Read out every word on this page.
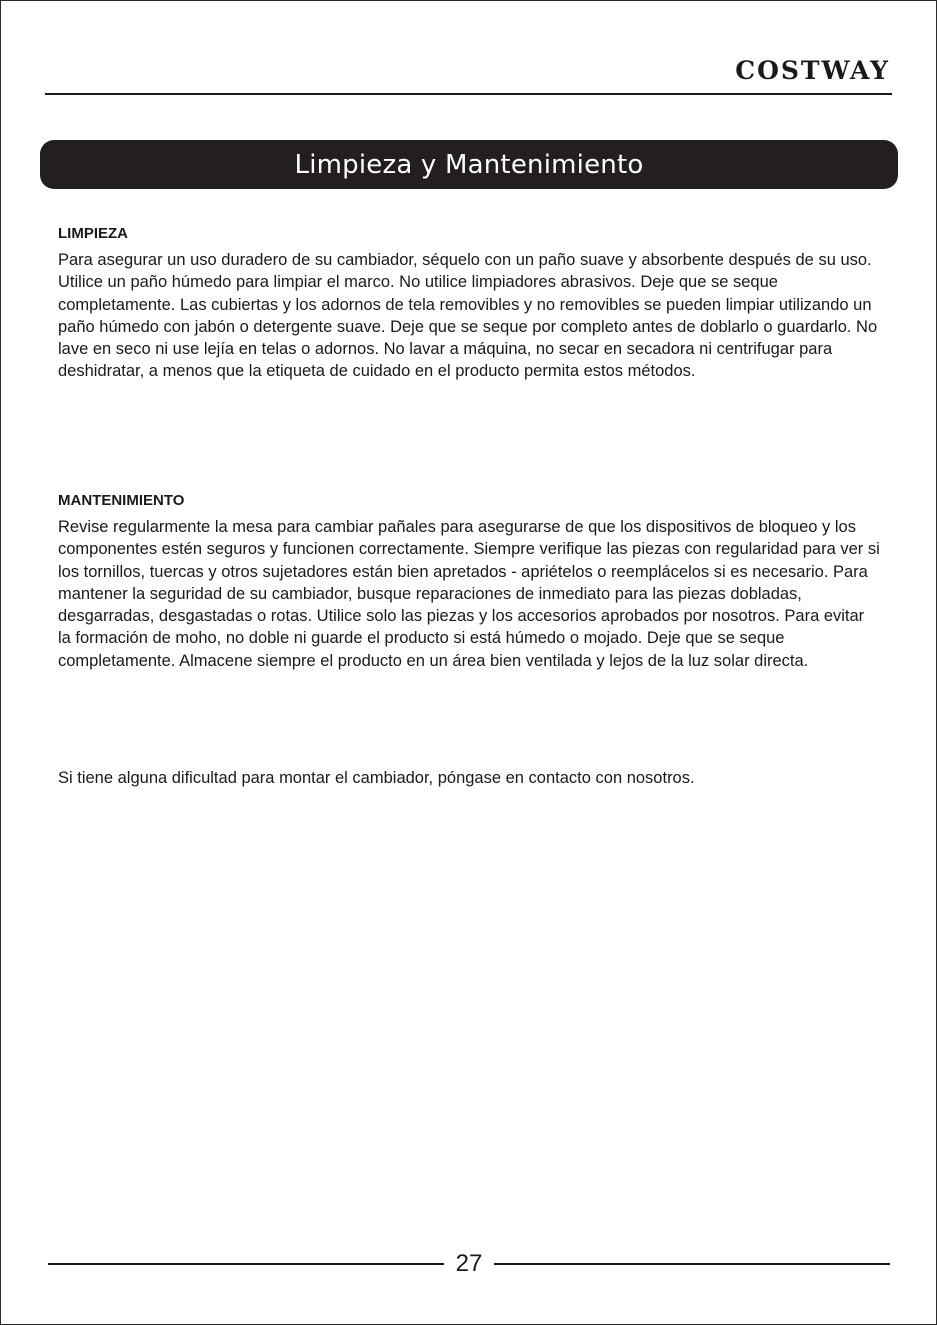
COSTWAY
Limpieza y Mantenimiento
LIMPIEZA

Para asegurar un uso duradero de su cambiador, séquelo con un paño suave y absorbente después de su uso. Utilice un paño húmedo para limpiar el marco. No utilice limpiadores abrasivos. Deje que se seque completamente. Las cubiertas y los adornos de tela removibles y no removibles se pueden limpiar utilizando un paño húmedo con jabón o detergente suave. Deje que se seque por completo antes de doblarlo o guardarlo. No lave en seco ni use lejía en telas o adornos. No lavar a máquina, no secar en secadora ni centrifugar para deshidratar, a menos que la etiqueta de cuidado en el producto permita estos métodos.

MANTENIMIENTO

Revise regularmente la mesa para cambiar pañales para asegurarse de que los dispositivos de bloqueo y los componentes estén seguros y funcionen correctamente. Siempre verifique las piezas con regularidad para ver si los tornillos, tuercas y otros sujetadores están bien apretados - apriételos o reemplácelos si es necesario. Para mantener la seguridad de su cambiador, busque reparaciones de inmediato para las piezas dobladas, desgarradas, desgastadas o rotas. Utilice solo las piezas y los accesorios aprobados por nosotros. Para evitar la formación de moho, no doble ni guarde el producto si está húmedo o mojado. Deje que se seque completamente. Almacene siempre el producto en un área bien ventilada y lejos de la luz solar directa.

Si tiene alguna dificultad para montar el cambiador, póngase en contacto con nosotros.

27
